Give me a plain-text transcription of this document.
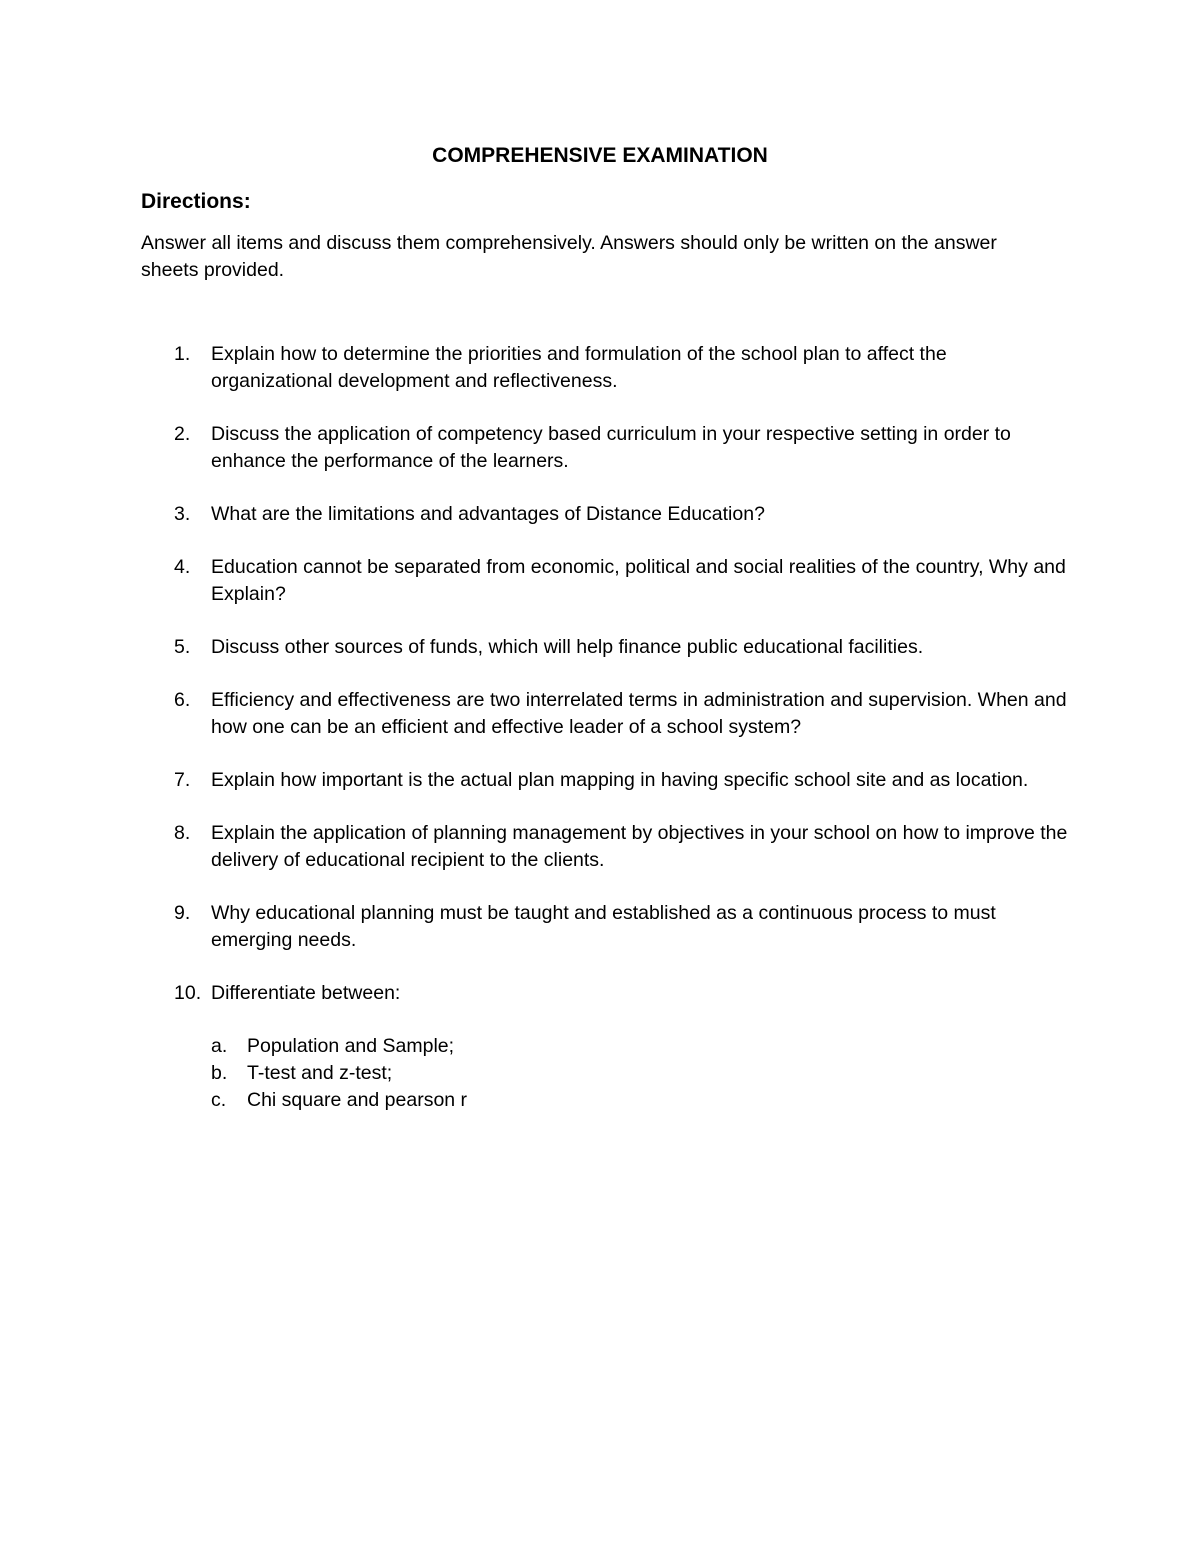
COMPREHENSIVE EXAMINATION
Directions:
Answer all items and discuss them comprehensively. Answers should only be written on the answer sheets provided.
1.	Explain how to determine the priorities and formulation of the school plan to affect the organizational development and reflectiveness.
2.	Discuss the application of competency based curriculum in your respective setting in order to enhance the performance of the learners.
3.	What are the limitations and advantages of Distance Education?
4.	Education cannot be separated from economic, political and social realities of the country, Why and Explain?
5.	Discuss other sources of funds, which will help finance public educational facilities.
6.	Efficiency and effectiveness are two interrelated terms in administration and supervision. When and how one can be an efficient and effective leader of a school system?
7.	Explain how important is the actual plan mapping in having specific school site and as location.
8.	Explain the application of planning management by objectives in your school on how to improve the delivery of educational recipient to the clients.
9.	Why educational planning must be taught and established as a continuous process to must emerging needs.
10. Differentiate between:
a.	Population and Sample;
b.	T-test and z-test;
c.	Chi square and pearson r
